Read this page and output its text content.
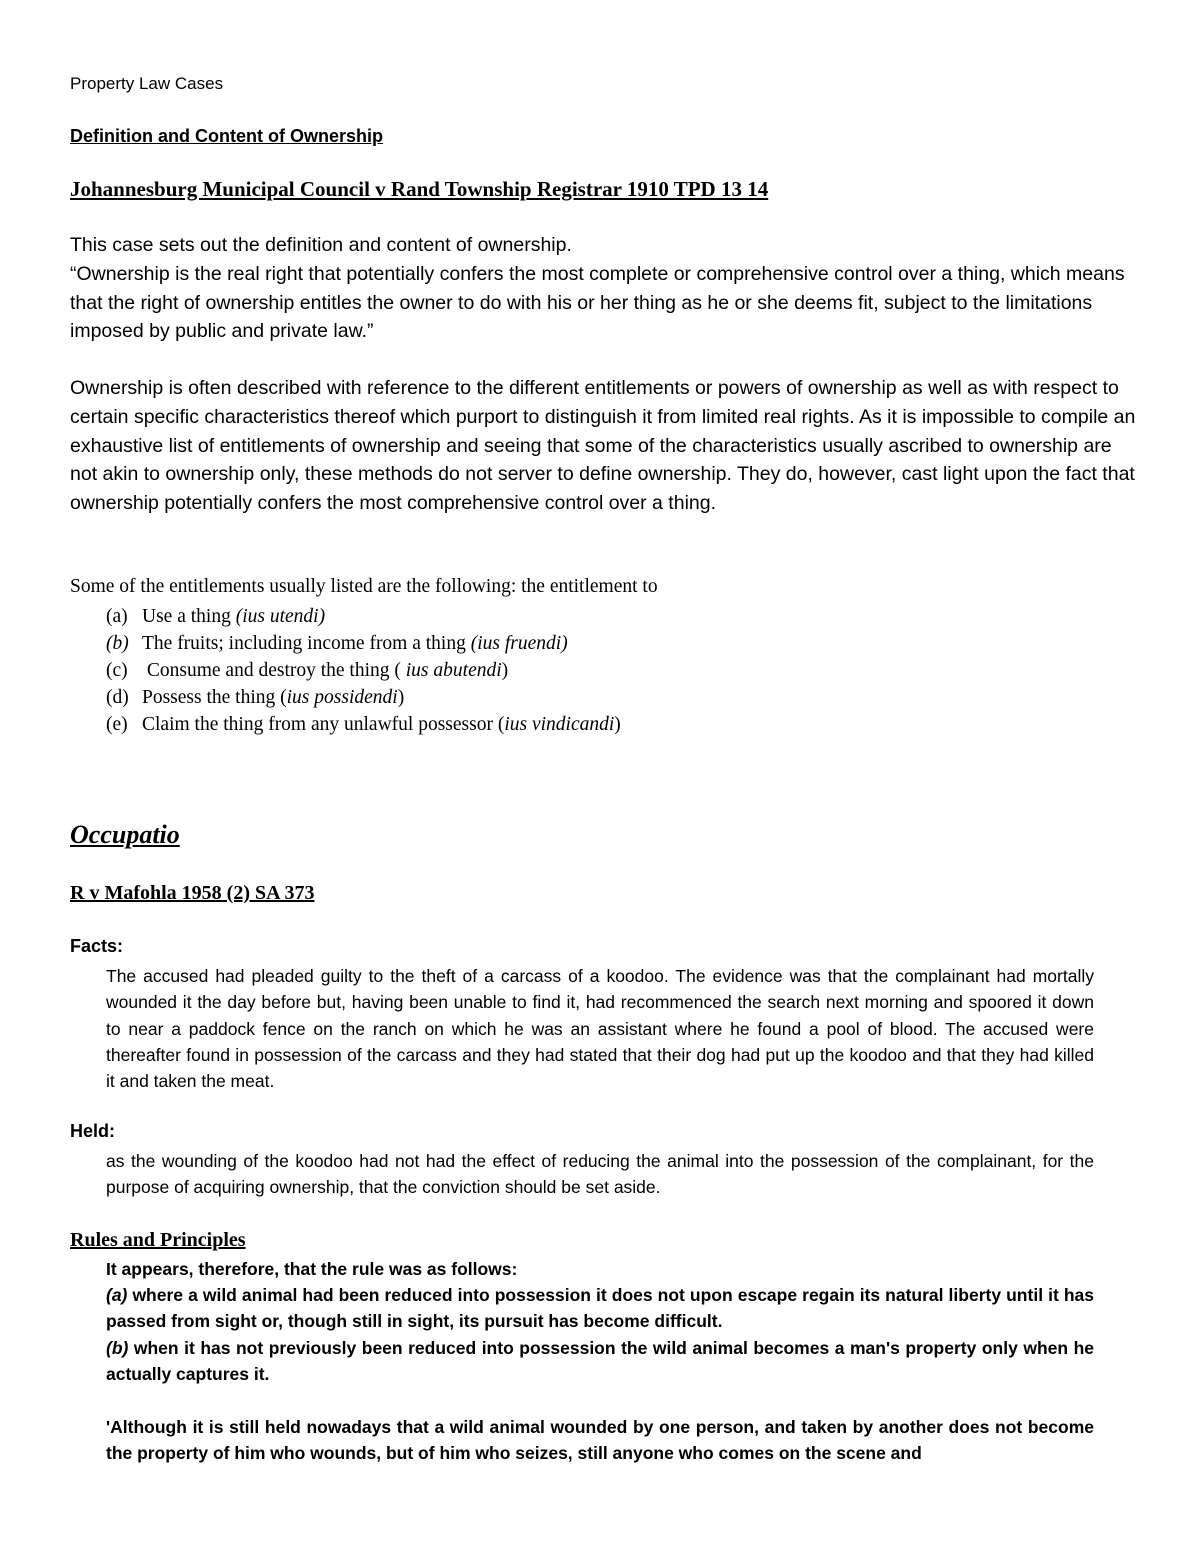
Property Law Cases

Definition and Content of Ownership

Johannesburg Municipal Council v Rand Township Registrar 1910 TPD 13 14

This case sets out the definition and content of ownership.
“Ownership is the real right that potentially confers the most complete or comprehensive control over a thing, which means that the right of ownership entitles the owner to do with his or her thing as he or she deems fit, subject to the limitations imposed by public and private law.”

Ownership is often described with reference to the different entitlements or powers of ownership as well as with respect to certain specific characteristics thereof which purport to distinguish it from limited real rights. As it is impossible to compile an exhaustive list of entitlements of ownership and seeing that some of the characteristics usually ascribed to ownership are not akin to ownership only, these methods do not server to define ownership. They do, however, cast light upon the fact that ownership potentially confers the most comprehensive control over a thing.

Some of the entitlements usually listed are the following: the entitlement to

(a) Use a thing (ius utendi)
(b) The fruits; including income from a thing (ius fruendi)
(c) Consume and destroy the thing ( ius abutendi)
(d) Possess the thing (ius possidendi)
(e) Claim the thing from any unlawful possessor (ius vindicandi)

Occupatio

R v Mafohla 1958 (2) SA 373

Facts:

The accused had pleaded guilty to the theft of a carcass of a koodoo. The evidence was that the complainant had mortally wounded it the day before but, having been unable to find it, had recommenced the search next morning and spoored it down to near a paddock fence on the ranch on which he was an assistant where he found a pool of blood. The accused were thereafter found in possession of the carcass and they had stated that their dog had put up the koodoo and that they had killed it and taken the meat.

Held:

as the wounding of the koodoo had not had the effect of reducing the animal into the possession of the complainant, for the purpose of acquiring ownership, that the conviction should be set aside.

Rules and Principles

It appears, therefore, that the rule was as follows:

(a) where a wild animal had been reduced into possession it does not upon escape regain its natural liberty until it has passed from sight or, though still in sight, its pursuit has become difficult.

(b) when it has not previously been reduced into possession the wild animal becomes a man's property only when he actually captures it.

'Although it is still held nowadays that a wild animal wounded by one person, and taken by another does not become the property of him who wounds, but of him who seizes, still anyone who comes on the scene and
